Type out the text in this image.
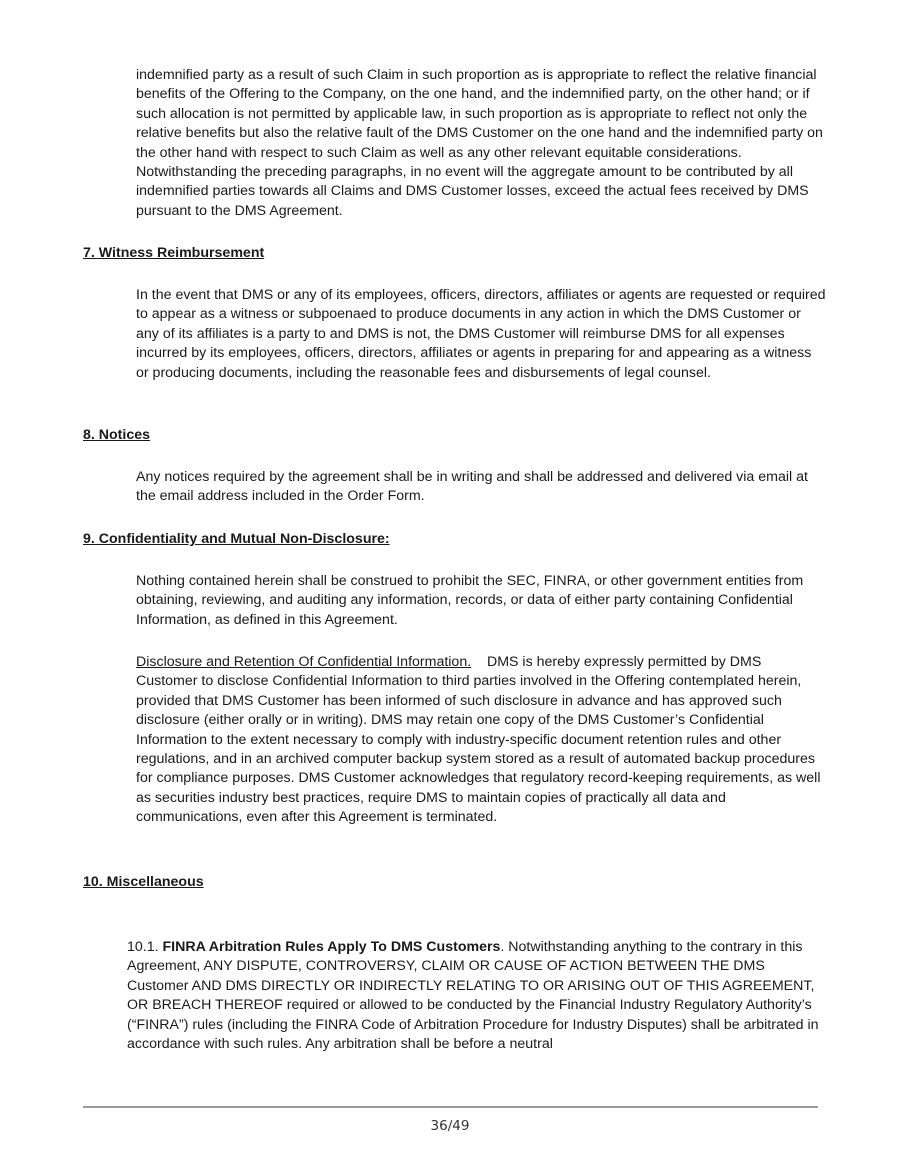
indemnified party as a result of such Claim in such proportion as is appropriate to reflect the relative financial benefits of the Offering to the Company, on the one hand, and the indemnified party, on the other hand; or if such allocation is not permitted by applicable law, in such proportion as is appropriate to reflect not only the relative benefits but also the relative fault of the DMS Customer on the one hand and the indemnified party on the other hand with respect to such Claim as well as any other relevant equitable considerations. Notwithstanding the preceding paragraphs, in no event will the aggregate amount to be contributed by all indemnified parties towards all Claims and DMS Customer losses, exceed the actual fees received by DMS pursuant to the DMS Agreement.

7. Witness Reimbursement

In the event that DMS or any of its employees, officers, directors, affiliates or agents are requested or required to appear as a witness or subpoenaed to produce documents in any action in which the DMS Customer or any of its affiliates is a party to and DMS is not, the DMS Customer will reimburse DMS for all expenses incurred by its employees, officers, directors, affiliates or agents in preparing for and appearing as a witness or producing documents, including the reasonable fees and disbursements of legal counsel.

8. Notices

Any notices required by the agreement shall be in writing and shall be addressed and delivered via email at the email address included in the Order Form.

9. Confidentiality and Mutual Non-Disclosure:

Nothing contained herein shall be construed to prohibit the SEC, FINRA, or other government entities from obtaining, reviewing, and auditing any information, records, or data of either party containing Confidential Information, as defined in this Agreement.

Disclosure and Retention Of Confidential Information. DMS is hereby expressly permitted by DMS Customer to disclose Confidential Information to third parties involved in the Offering contemplated herein, provided that DMS Customer has been informed of such disclosure in advance and has approved such disclosure (either orally or in writing). DMS may retain one copy of the DMS Customer’s Confidential Information to the extent necessary to comply with industry-specific document retention rules and other regulations, and in an archived computer backup system stored as a result of automated backup procedures for compliance purposes. DMS Customer acknowledges that regulatory record-keeping requirements, as well as securities industry best practices, require DMS to maintain copies of practically all data and communications, even after this Agreement is terminated.

10. Miscellaneous

10.1. FINRA Arbitration Rules Apply To DMS Customers. Notwithstanding anything to the contrary in this Agreement, ANY DISPUTE, CONTROVERSY, CLAIM OR CAUSE OF ACTION BETWEEN THE DMS Customer AND DMS DIRECTLY OR INDIRECTLY RELATING TO OR ARISING OUT OF THIS AGREEMENT, OR BREACH THEREOF required or allowed to be conducted by the Financial Industry Regulatory Authority’s (“FINRA”) rules (including the FINRA Code of Arbitration Procedure for Industry Disputes) shall be arbitrated in accordance with such rules. Any arbitration shall be before a neutral

36/49
